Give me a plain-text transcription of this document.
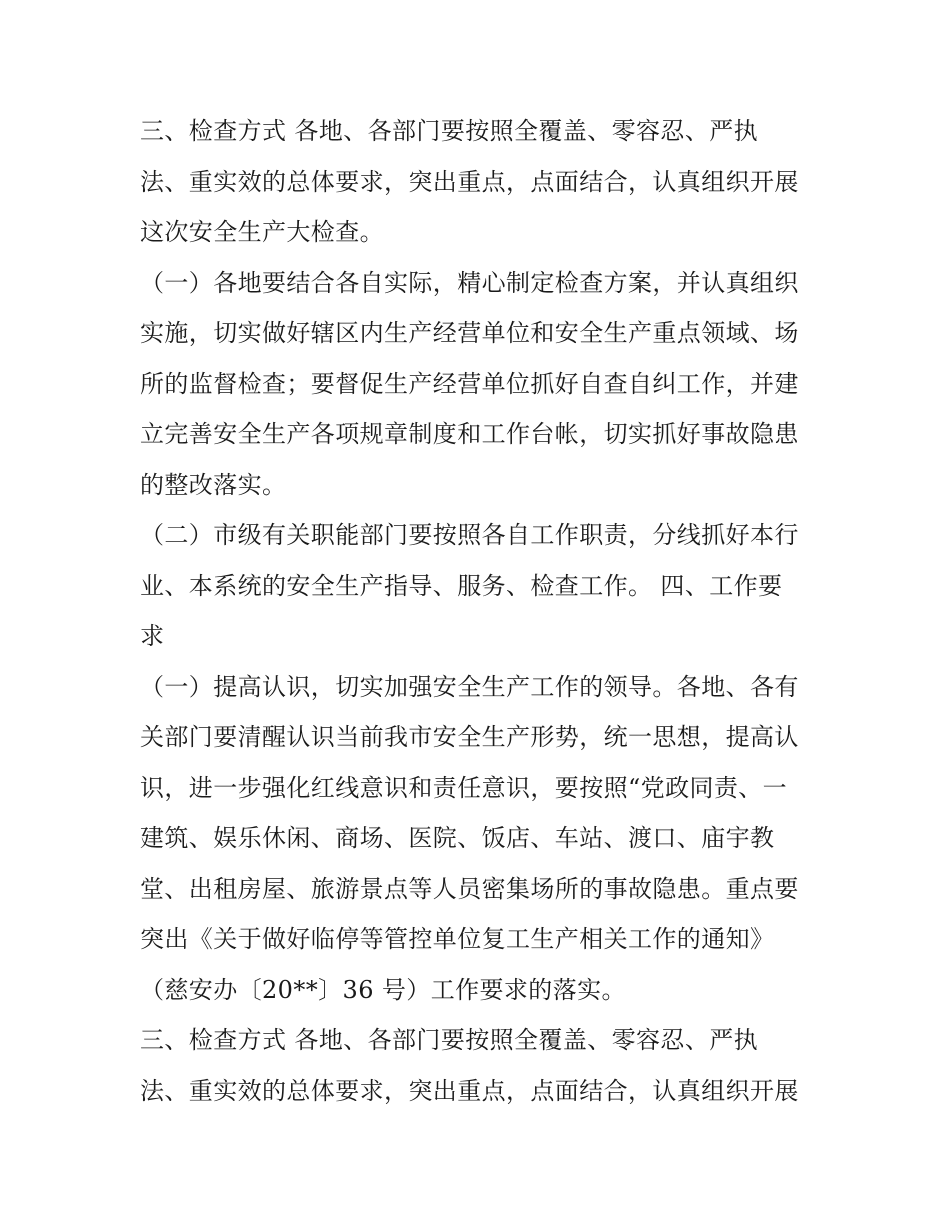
三、检查方式 各地、各部门要按照全覆盖、零容忍、严执
法、重实效的总体要求，突出重点，点面结合，认真组织开展
这次安全生产大检查。
（一）各地要结合各自实际，精心制定检查方案，并认真组织
实施，切实做好辖区内生产经营单位和安全生产重点领域、场
所的监督检查；要督促生产经营单位抓好自查自纠工作，并建
立完善安全生产各项规章制度和工作台帐，切实抓好事故隐患
的整改落实。
（二）市级有关职能部门要按照各自工作职责，分线抓好本行
业、本系统的安全生产指导、服务、检查工作。 四、工作要
求
（一）提高认识，切实加强安全生产工作的领导。各地、各有
关部门要清醒认识当前我市安全生产形势，统一思想，提高认
识，进一步强化红线意识和责任意识，要按照“党政同责、一
建筑、娱乐休闲、商场、医院、饭店、车站、渡口、庙宇教
堂、出租房屋、旅游景点等人员密集场所的事故隐患。重点要
突出《关于做好临停等管控单位复工生产相关工作的通知》
（慈安办〔20**〕36 号）工作要求的落实。
三、检查方式 各地、各部门要按照全覆盖、零容忍、严执
法、重实效的总体要求，突出重点，点面结合，认真组织开展
